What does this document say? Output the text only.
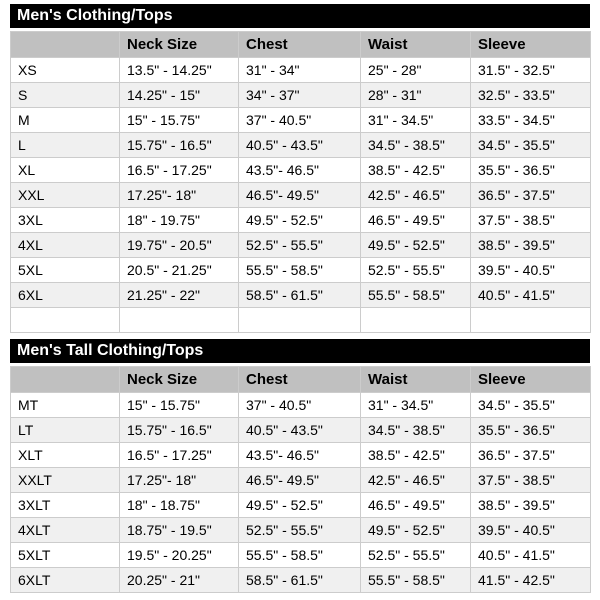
Men's Clothing/Tops
	Neck Size	Chest	Waist	Sleeve
XS	13.5" - 14.25"	31" - 34"	25" - 28"	31.5" - 32.5"
S	14.25" - 15"	34" - 37"	28" - 31"	32.5" - 33.5"
M	15" - 15.75"	37" - 40.5"	31" - 34.5"	33.5" - 34.5"
L	15.75" - 16.5"	40.5" - 43.5"	34.5" - 38.5"	34.5" - 35.5"
XL	16.5" - 17.25"	43.5"- 46.5"	38.5" - 42.5"	35.5" - 36.5"
XXL	17.25"- 18"	46.5"- 49.5"	42.5" - 46.5"	36.5" - 37.5"
3XL	18" - 19.75"	49.5" - 52.5"	46.5" - 49.5"	37.5" - 38.5"
4XL	19.75" - 20.5"	52.5" - 55.5"	49.5" - 52.5"	38.5" - 39.5"
5XL	20.5" - 21.25"	55.5" - 58.5"	52.5" - 55.5"	39.5" - 40.5"
6XL	21.25" - 22"	58.5" - 61.5"	55.5" - 58.5"	40.5" - 41.5"

Men's Tall Clothing/Tops
	Neck Size	Chest	Waist	Sleeve
MT	15" - 15.75"	37" - 40.5"	31" - 34.5"	34.5" - 35.5"
LT	15.75" - 16.5"	40.5" - 43.5"	34.5" - 38.5"	35.5" - 36.5"
XLT	16.5" - 17.25"	43.5"- 46.5"	38.5" - 42.5"	36.5" - 37.5"
XXLT	17.25"- 18"	46.5"- 49.5"	42.5" - 46.5"	37.5" - 38.5"
3XLT	18" - 18.75"	49.5" - 52.5"	46.5" - 49.5"	38.5" - 39.5"
4XLT	18.75" - 19.5"	52.5" - 55.5"	49.5" - 52.5"	39.5" - 40.5"
5XLT	19.5" - 20.25"	55.5" - 58.5"	52.5" - 55.5"	40.5" - 41.5"
6XLT	20.25" - 21"	58.5" - 61.5"	55.5" - 58.5"	41.5" - 42.5"
